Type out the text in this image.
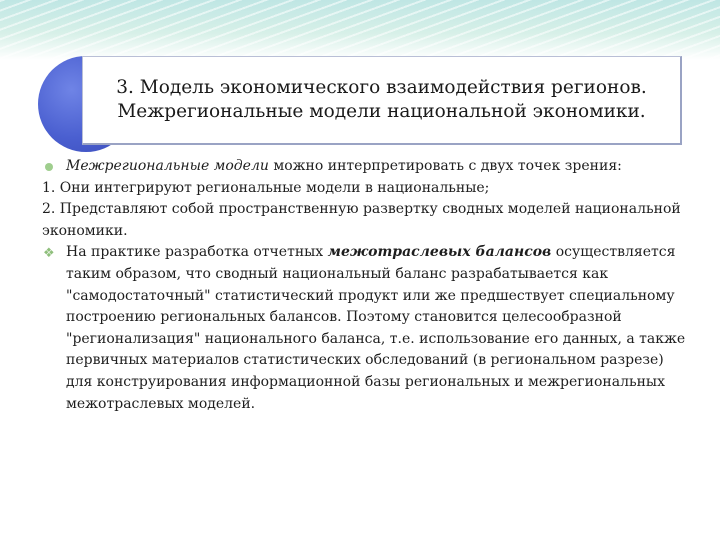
3. Модель экономического взаимодействия регионов. Межрегиональные модели национальной экономики.

Межрегиональные модели можно интерпретировать с двух точек зрения:

1. Они интегрируют региональные модели в национальные;

2. Представляют собой пространственную развертку сводных моделей национальной экономики.

❖ На практике разработка отчетных межотраслевых балансов осуществляется таким образом, что сводный национальный баланс разрабатывается как "самодостаточный" статистический продукт или же предшествует специальному построению региональных балансов. Поэтому становится целесообразной "регионализация" национального баланса, т.е. использование его данных, а также первичных материалов статистических обследований (в региональном разрезе) для конструирования информационной базы региональных и межрегиональных межотраслевых моделей.
